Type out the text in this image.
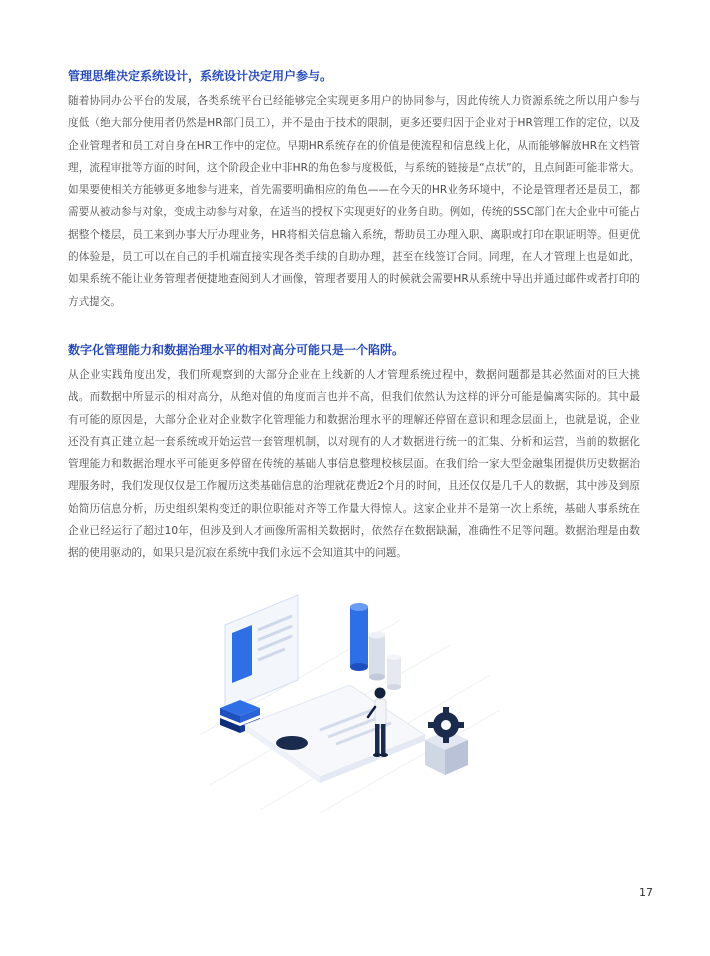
管理思维决定系统设计，系统设计决定用户参与。

随着协同办公平台的发展，各类系统平台已经能够完全实现更多用户的协同参与，因此传统人力资源系统之所以用户参与度低（绝大部分使用者仍然是HR部门员工），并不是由于技术的限制，更多还要归因于企业对于HR管理工作的定位，以及企业管理者和员工对自身在HR工作中的定位。早期HR系统存在的价值是使流程和信息线上化，从而能够解放HR在文档管理，流程审批等方面的时间，这个阶段企业中非HR的角色参与度极低，与系统的链接是“点状”的，且点间距可能非常大。如果要使相关方能够更多地参与进来，首先需要明确相应的角色——在今天的HR业务环境中，不论是管理者还是员工，都需要从被动参与对象，变成主动参与对象，在适当的授权下实现更好的业务自助。例如，传统的SSC部门在大企业中可能占据整个楼层，员工来到办事大厅办理业务，HR将相关信息输入系统，帮助员工办理入职、离职或打印在职证明等。但更优的体验是，员工可以在自己的手机端直接实现各类手续的自助办理，甚至在线签订合同。同理，在人才管理上也是如此，如果系统不能让业务管理者便捷地查阅到人才画像，管理者要用人的时候就会需要HR从系统中导出并通过邮件或者打印的方式提交。

数字化管理能力和数据治理水平的相对高分可能只是一个陷阱。

从企业实践角度出发，我们所观察到的大部分企业在上线新的人才管理系统过程中，数据问题都是其必然面对的巨大挑战。而数据中所显示的相对高分，从绝对值的角度而言也并不高，但我们依然认为这样的评分可能是偏离实际的。其中最有可能的原因是，大部分企业对企业数字化管理能力和数据治理水平的理解还停留在意识和理念层面上，也就是说，企业还没有真正建立起一套系统或开始运营一套管理机制，以对现有的人才数据进行统一的汇集、分析和运营，当前的数据化管理能力和数据治理水平可能更多停留在传统的基础人事信息整理校核层面。在我们给一家大型金融集团提供历史数据治理服务时，我们发现仅仅是工作履历这类基础信息的治理就花费近2个月的时间，且还仅仅是几千人的数据，其中涉及到原始简历信息分析，历史组织架构变迁的职位职能对齐等工作量大得惊人。这家企业并不是第一次上系统，基础人事系统在企业已经运行了超过10年，但涉及到人才画像所需相关数据时，依然存在数据缺漏，准确性不足等问题。数据治理是由数据的使用驱动的，如果只是沉寂在系统中我们永远不会知道其中的问题。

17
